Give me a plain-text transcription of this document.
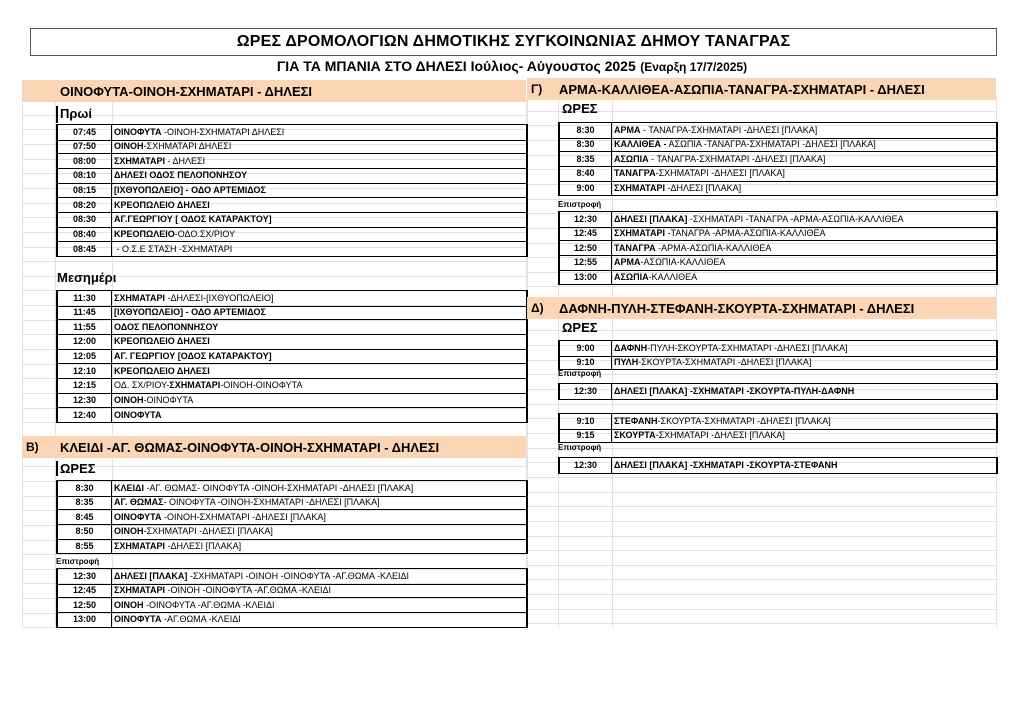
ΩΡΕΣ ΔΡΟΜΟΛΟΓΙΩΝ ΔΗΜΟΤΙΚΗΣ ΣΥΓΚΟΙΝΩΝΙΑΣ ΔΗΜΟΥ ΤΑΝΑΓΡΑΣ
ΓΙΑ ΤΑ ΜΠΑΝΙΑ ΣΤΟ ΔΗΛΕΣΙ Ιούλιος- Αύγουστος 2025 (Εναρξη 17/7/2025)
ΟΙΝΟΦΥΤΑ-ΟΙΝΟΗ-ΣΧΗΜΑΤΑΡΙ - ΔΗΛΕΣΙ
Πρωί
07:45	ΟΙΝΟΦΥΤΑ -ΟΙΝΟΗ-ΣΧΗΜΑΤΑΡΙ ΔΗΛΕΣΙ
07:50	ΟΙΝΟΗ -ΣΧΗΜΑΤΑΡΙ ΔΗΛΕΣΙ
08:00	ΣΧΗΜΑΤΑΡΙ - ΔΗΛΕΣΙ
08:10	ΔΗΛΕΣΙ ΟΔΟΣ ΠΕΛΟΠΟΝΗΣΟΥ
08:15	[ΙΧΘΥΟΠΩΛΕΙΟ] - ΟΔΟ ΑΡΤΕΜΙΔΟΣ
08:20	ΚΡΕΟΠΩΛΕΙΟ ΔΗΛΕΣΙ
08:30	ΑΓ.ΓΕΩΡΓΙΟΥ [ ΟΔΟΣ ΚΑΤΑΡΑΚΤΟΥ]
08:40	ΚΡΕΟΠΩΛΕΙΟ -ΟΔΟ.ΣΧ/ΡΙΟΥ
08:45	- Ο.Σ.Ε ΣΤΑΣΗ -ΣΧΗΜΑΤΑΡΙ
Μεσημέρι
11:30	ΣΧΗΜΑΤΑΡΙ -ΔΗΛΕΣΙ-[ΙΧΘΥΟΠΩΛΕΙΟ]
11:45	[ΙΧΘΥΟΠΩΛΕΙΟ] - ΟΔΟ ΑΡΤΕΜΙΔΟΣ
11:55	ΟΔΟΣ ΠΕΛΟΠΟΝΝΗΣΟΥ
12:00	ΚΡΕΟΠΩΛΕΙΟ ΔΗΛΕΣΙ
12:05	ΑΓ. ΓΕΩΡΓΙΟΥ [ΟΔΟΣ ΚΑΤΑΡΑΚΤΟΥ]
12:10	ΚΡΕΟΠΩΛΕΙΟ ΔΗΛΕΣΙ
12:15	ΟΔ. ΣΧ/ΡΙΟΥ- ΣΧΗΜΑΤΑΡΙ -ΟΙΝΟΗ-ΟΙΝΟΦΥΤΑ
12:30	ΟΙΝΟΗ -ΟΙΝΟΦΥΤΑ
12:40	ΟΙΝΟΦΥΤΑ
Β) ΚΛΕΙΔΙ -ΑΓ. ΘΩΜΑΣ-ΟΙΝΟΦΥΤΑ-ΟΙΝΟΗ-ΣΧΗΜΑΤΑΡΙ - ΔΗΛΕΣΙ
ΩΡΕΣ
8:30	ΚΛΕΙΔΙ -ΑΓ. ΘΩΜΑΣ- ΟΙΝΟΦΥΤΑ -ΟΙΝΟΗ-ΣΧΗΜΑΤΑΡΙ -ΔΗΛΕΣΙ [ΠΛΑΚΑ]
8:35	ΑΓ. ΘΩΜΑΣ - ΟΙΝΟΦΥΤΑ -ΟΙΝΟΗ-ΣΧΗΜΑΤΑΡΙ -ΔΗΛΕΣΙ [ΠΛΑΚΑ]
8:45	ΟΙΝΟΦΥΤΑ -ΟΙΝΟΗ-ΣΧΗΜΑΤΑΡΙ -ΔΗΛΕΣΙ [ΠΛΑΚΑ]
8:50	ΟΙΝΟΗ -ΣΧΗΜΑΤΑΡΙ -ΔΗΛΕΣΙ [ΠΛΑΚΑ]
8:55	ΣΧΗΜΑΤΑΡΙ -ΔΗΛΕΣΙ [ΠΛΑΚΑ]
Επιστροφή
12:30	ΔΗΛΕΣΙ [ΠΛΑΚΑ] -ΣΧΗΜΑΤΑΡΙ -ΟΙΝΟΗ -ΟΙΝΟΦΥΤΑ -ΑΓ.ΘΩΜΑ -ΚΛΕΙΔΙ
12:45	ΣΧΗΜΑΤΑΡΙ -ΟΙΝΟΗ -ΟΙΝΟΦΥΤΑ -ΑΓ.ΘΩΜΑ -ΚΛΕΙΔΙ
12:50	ΟΙΝΟΗ -ΟΙΝΟΦΥΤΑ -ΑΓ.ΘΩΜΑ -ΚΛΕΙΔΙ
13:00	ΟΙΝΟΦΥΤΑ -ΑΓ.ΘΩΜΑ -ΚΛΕΙΔΙ
Γ) ΑΡΜΑ-ΚΑΛΛΙΘΕΑ-ΑΣΩΠΙΑ-ΤΑΝΑΓΡΑ-ΣΧΗΜΑΤΑΡΙ - ΔΗΛΕΣΙ
ΩΡΕΣ
8:30	ΑΡΜΑ - ΤΑΝΑΓΡΑ-ΣΧΗΜΑΤΑΡΙ -ΔΗΛΕΣΙ [ΠΛΑΚΑ]
8:30	ΚΑΛΛΙΘΕΑ - ΑΣΩΠΙΑ -ΤΑΝΑΓΡΑ-ΣΧΗΜΑΤΑΡΙ -ΔΗΛΕΣΙ [ΠΛΑΚΑ]
8:35	ΑΣΩΠΙΑ - ΤΑΝΑΓΡΑ-ΣΧΗΜΑΤΑΡΙ -ΔΗΛΕΣΙ [ΠΛΑΚΑ]
8:40	ΤΑΝΑΓΡΑ -ΣΧΗΜΑΤΑΡΙ -ΔΗΛΕΣΙ [ΠΛΑΚΑ]
9:00	ΣΧΗΜΑΤΑΡΙ -ΔΗΛΕΣΙ [ΠΛΑΚΑ]
Επιστροφή
12:30	ΔΗΛΕΣΙ [ΠΛΑΚΑ] -ΣΧΗΜΑΤΑΡΙ -ΤΑΝΑΓΡΑ -ΑΡΜΑ-ΑΣΩΠΙΑ-ΚΑΛΛΙΘΕΑ
12:45	ΣΧΗΜΑΤΑΡΙ -ΤΑΝΑΓΡΑ -ΑΡΜΑ-ΑΣΩΠΙΑ-ΚΑΛΛΙΘΕΑ
12:50	ΤΑΝΑΓΡΑ -ΑΡΜΑ-ΑΣΩΠΙΑ-ΚΑΛΛΙΘΕΑ
12:55	ΑΡΜΑ -ΑΣΩΠΙΑ-ΚΑΛΛΙΘΕΑ
13:00	ΑΣΩΠΙΑ -ΚΑΛΛΙΘΕΑ
Δ) ΔΑΦΝΗ-ΠΥΛΗ-ΣΤΕΦΑΝΗ-ΣΚΟΥΡΤΑ-ΣΧΗΜΑΤΑΡΙ - ΔΗΛΕΣΙ
ΩΡΕΣ
9:00	ΔΑΦΝΗ -ΠΥΛΗ-ΣΚΟΥΡΤΑ-ΣΧΗΜΑΤΑΡΙ -ΔΗΛΕΣΙ [ΠΛΑΚΑ]
9:10	ΠΥΛΗ -ΣΚΟΥΡΤΑ-ΣΧΗΜΑΤΑΡΙ -ΔΗΛΕΣΙ [ΠΛΑΚΑ]
Επιστροφή
12:30	ΔΗΛΕΣΙ [ΠΛΑΚΑ] -ΣΧΗΜΑΤΑΡΙ -ΣΚΟΥΡΤΑ-ΠΥΛΗ-ΔΑΦΝΗ
9:10	ΣΤΕΦΑΝΗ -ΣΚΟΥΡΤΑ-ΣΧΗΜΑΤΑΡΙ -ΔΗΛΕΣΙ [ΠΛΑΚΑ]
9:15	ΣΚΟΥΡΤΑ -ΣΧΗΜΑΤΑΡΙ -ΔΗΛΕΣΙ [ΠΛΑΚΑ]
Επιστροφή
12:30	ΔΗΛΕΣΙ [ΠΛΑΚΑ] -ΣΧΗΜΑΤΑΡΙ -ΣΚΟΥΡΤΑ-ΣΤΕΦΑΝΗ
